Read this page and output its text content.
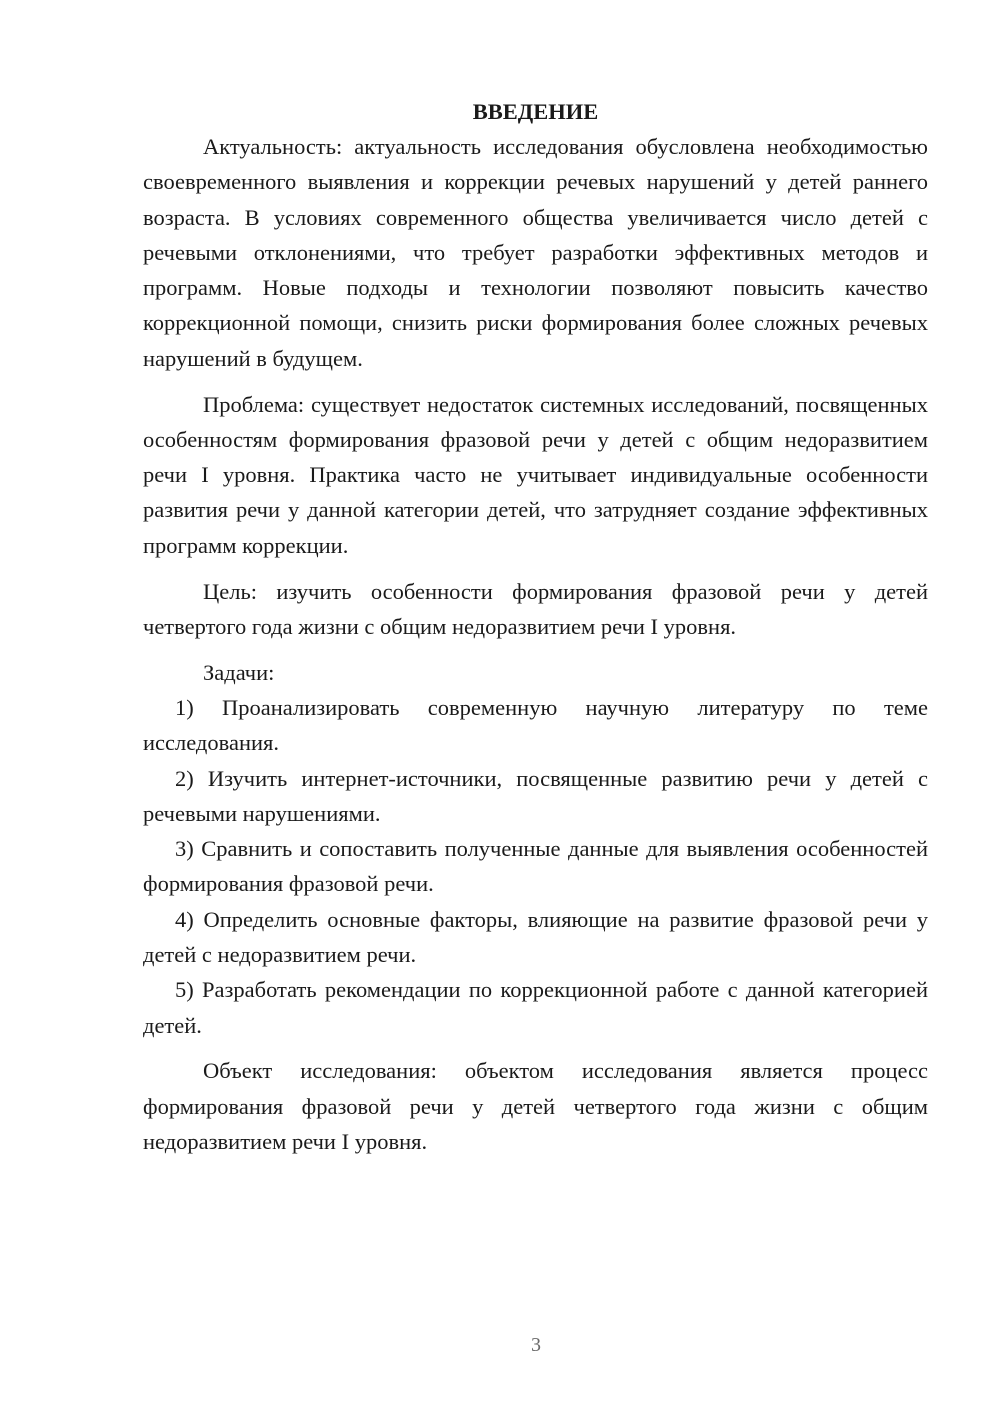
ВВЕДЕНИЕ

Актуальность: актуальность исследования обусловлена необходимостью своевременного выявления и коррекции речевых нарушений у детей раннего возраста. В условиях современного общества увеличивается число детей с речевыми отклонениями, что требует разработки эффективных методов и программ. Новые подходы и технологии позволяют повысить качество коррекционной помощи, снизить риски формирования более сложных речевых нарушений в будущем.

Проблема: существует недостаток системных исследований, посвященных особенностям формирования фразовой речи у детей с общим недоразвитием речи I уровня. Практика часто не учитывает индивидуальные особенности развития речи у данной категории детей, что затрудняет создание эффективных программ коррекции.

Цель: изучить особенности формирования фразовой речи у детей четвертого года жизни с общим недоразвитием речи I уровня.

Задачи:

1) Проанализировать современную научную литературу по теме исследования.

2) Изучить интернет-источники, посвященные развитию речи у детей с речевыми нарушениями.

3) Сравнить и сопоставить полученные данные для выявления особенностей формирования фразовой речи.

4) Определить основные факторы, влияющие на развитие фразовой речи у детей с недоразвитием речи.

5) Разработать рекомендации по коррекционной работе с данной категорией детей.

Объект исследования: объектом исследования является процесс формирования фразовой речи у детей четвертого года жизни с общим недоразвитием речи I уровня.

3
